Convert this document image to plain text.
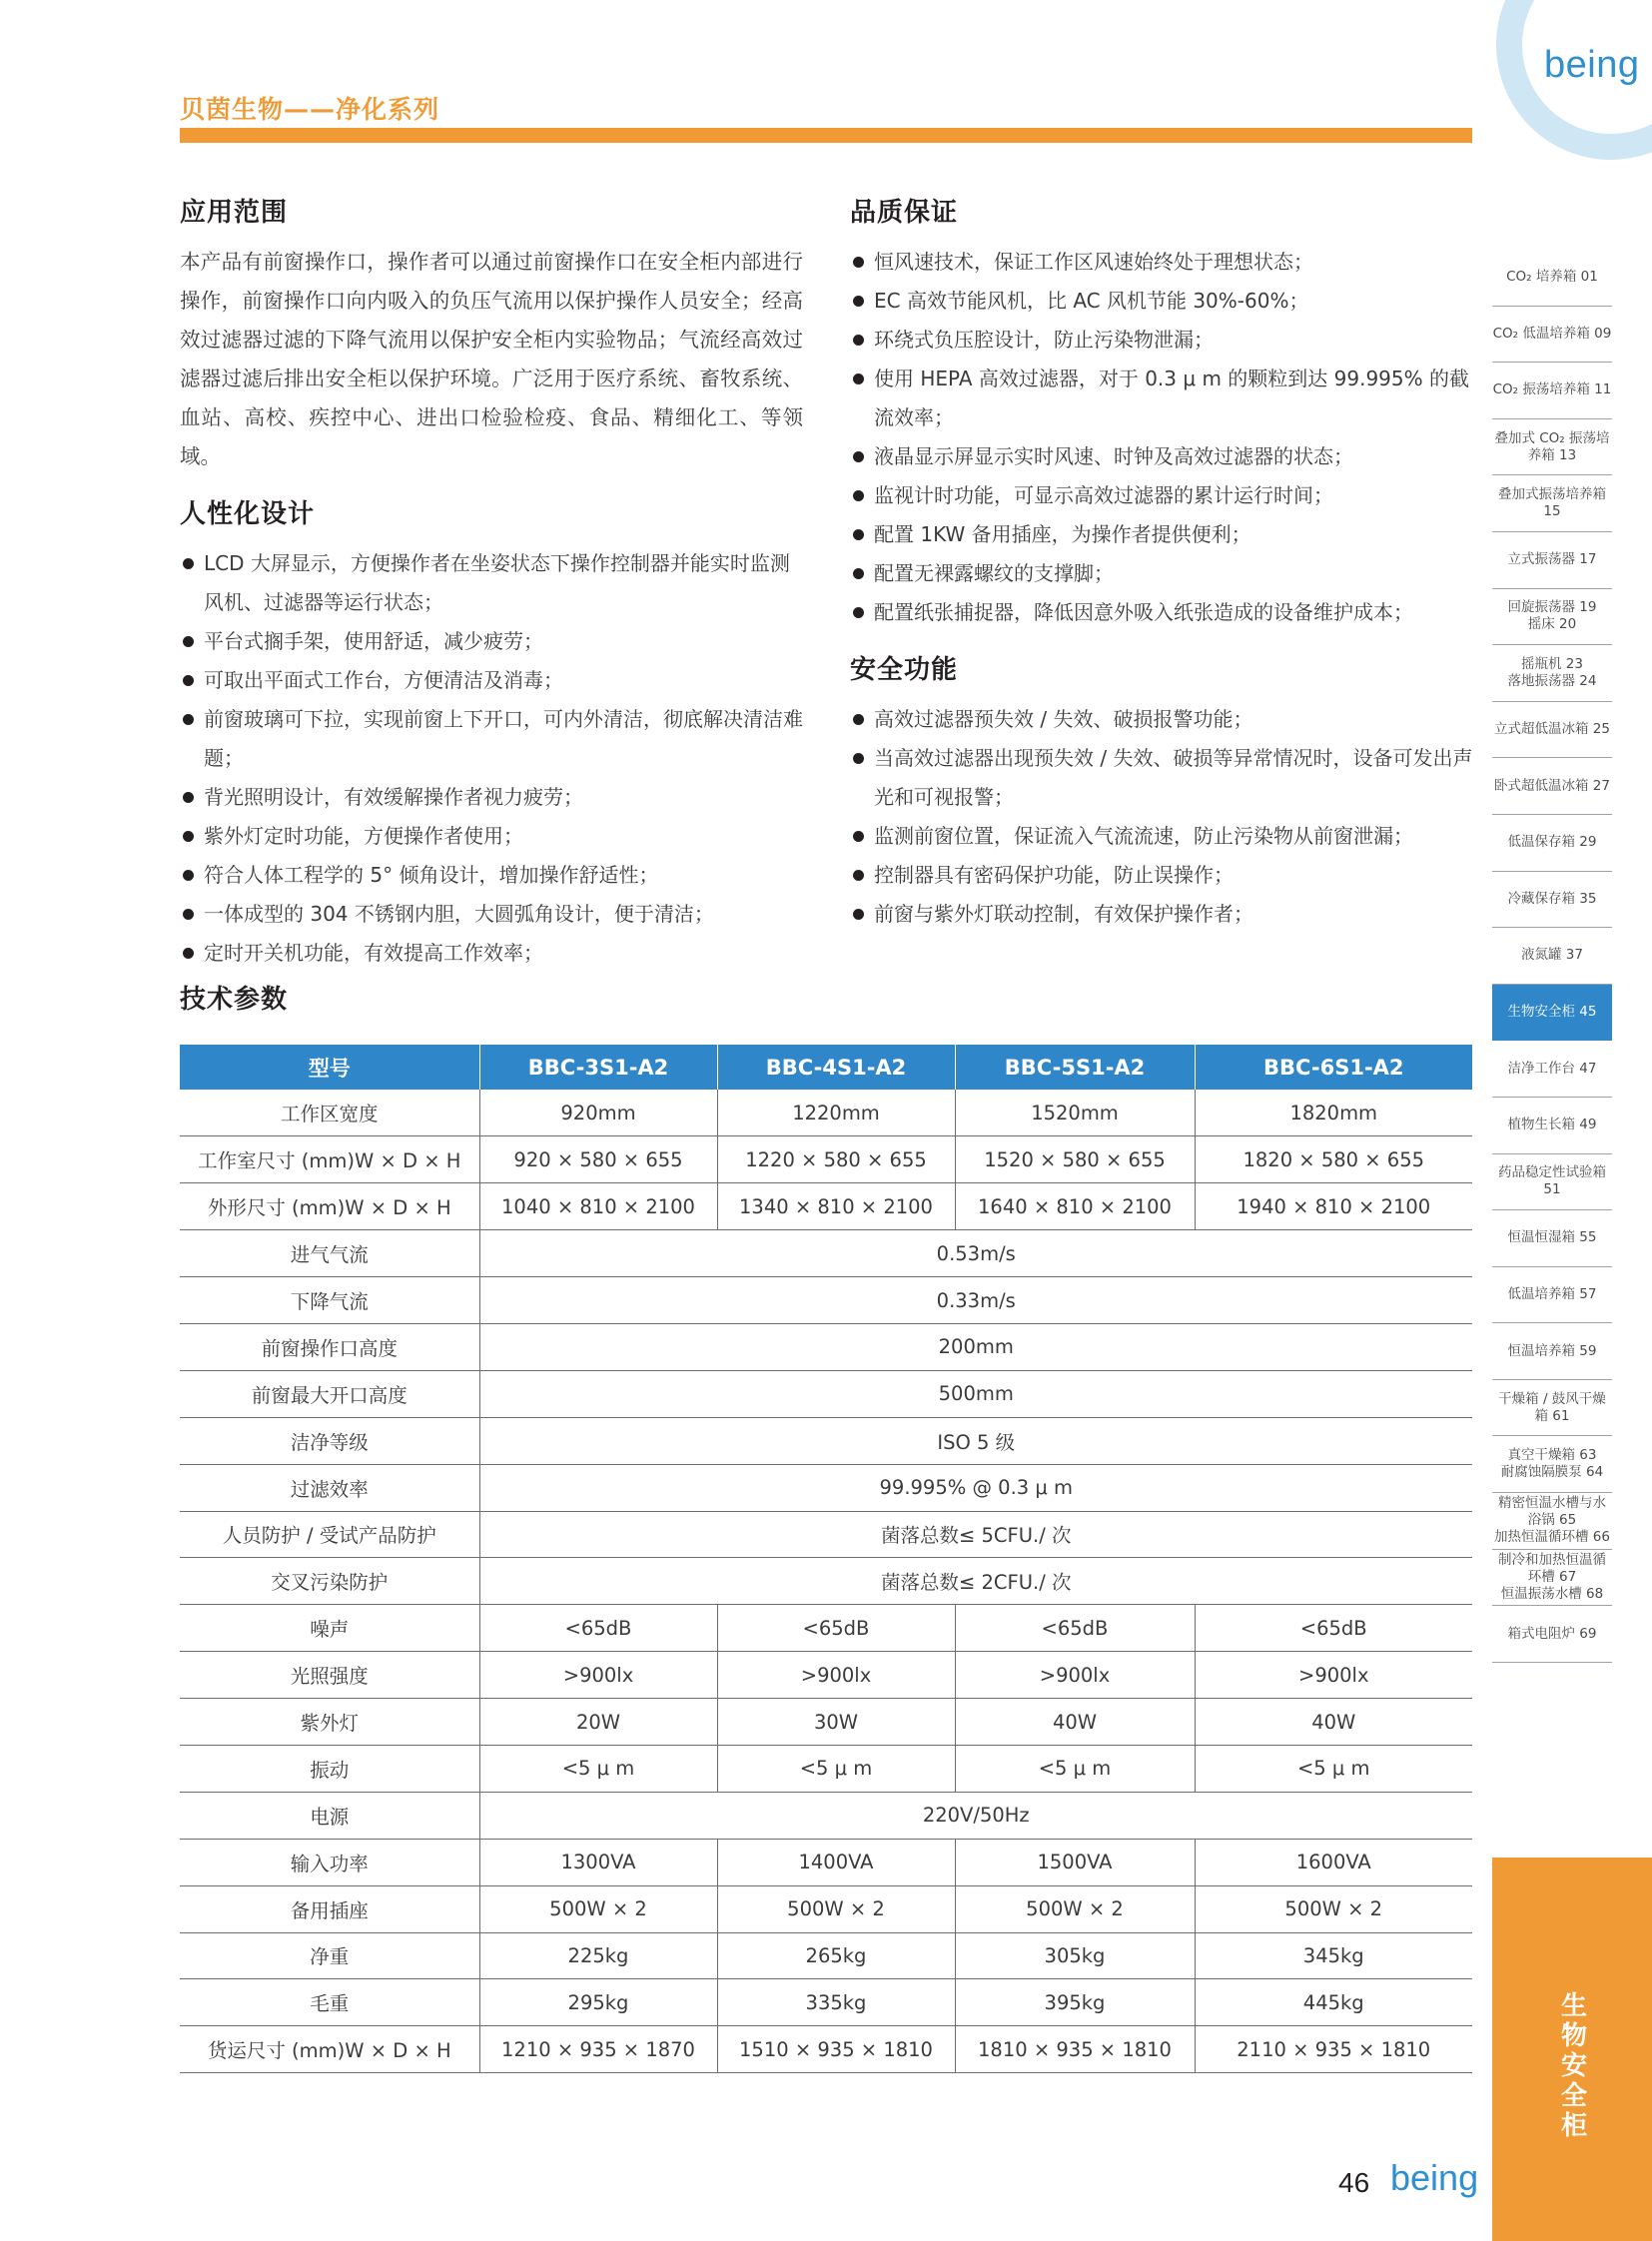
being
贝茵生物——净化系列
应用范围

本产品有前窗操作口，操作者可以通过前窗操作口在安全柜内部进行操作，前窗操作口向内吸入的负压气流用以保护操作人员安全；经高效过滤器过滤的下降气流用以保护安全柜内实验物品；气流经高效过滤器过滤后排出安全柜以保护环境。广泛用于医疗系统、畜牧系统、血站、高校、疾控中心、进出口检验检疫、食品、精细化工、等领域。

人性化设计
LCD 大屏显示，方便操作者在坐姿状态下操作控制器并能实时监测风机、过滤器等运行状态；
平台式搁手架，使用舒适，减少疲劳；
可取出平面式工作台，方便清洁及消毒；
前窗玻璃可下拉，实现前窗上下开口，可内外清洁，彻底解决清洁难题；
背光照明设计，有效缓解操作者视力疲劳；
紫外灯定时功能，方便操作者使用；
符合人体工程学的 5° 倾角设计，增加操作舒适性；
一体成型的 304 不锈钢内胆，大圆弧角设计，便于清洁；
定时开关机功能，有效提高工作效率；
品质保证
恒风速技术，保证工作区风速始终处于理想状态；
EC 高效节能风机，比 AC 风机节能 30%-60%；
环绕式负压腔设计，防止污染物泄漏；
使用 HEPA 高效过滤器，对于 0.3 μ m 的颗粒到达 99.995% 的截流效率；
液晶显示屏显示实时风速、时钟及高效过滤器的状态；
监视计时功能，可显示高效过滤器的累计运行时间；
配置 1KW 备用插座，为操作者提供便利；
配置无裸露螺纹的支撑脚；
配置纸张捕捉器，降低因意外吸入纸张造成的设备维护成本；
安全功能
高效过滤器预失效 / 失效、破损报警功能；
当高效过滤器出现预失效 / 失效、破损等异常情况时，设备可发出声光和可视报警；
监测前窗位置，保证流入气流流速，防止污染物从前窗泄漏；
控制器具有密码保护功能，防止误操作；
前窗与紫外灯联动控制，有效保护操作者；
技术参数
型号	BBC-3S1-A2	BBC-4S1-A2	BBC-5S1-A2	BBC-6S1-A2
工作区宽度	920mm	1220mm	1520mm	1820mm
工作室尺寸 (mm)W × D × H	920 × 580 × 655	1220 × 580 × 655	1520 × 580 × 655	1820 × 580 × 655
外形尺寸 (mm)W × D × H	1040 × 810 × 2100	1340 × 810 × 2100	1640 × 810 × 2100	1940 × 810 × 2100
进气气流	0.53m/s			
下降气流	0.33m/s			
前窗操作口高度	200mm			
前窗最大开口高度	500mm			
洁净等级	ISO 5 级			
过滤效率	99.995% @ 0.3 μ m			
人员防护 / 受试产品防护	菌落总数≤ 5CFU./ 次			
交叉污染防护	菌落总数≤ 2CFU./ 次			
噪声	<65dB	<65dB	<65dB	<65dB
光照强度	>900lx	>900lx	>900lx	>900lx
紫外灯	20W	30W	40W	40W
振动	<5 μ m	<5 μ m	<5 μ m	<5 μ m
电源	220V/50Hz			
输入功率	1300VA	1400VA	1500VA	1600VA
备用插座	500W × 2	500W × 2	500W × 2	500W × 2
净重	225kg	265kg	305kg	345kg
毛重	295kg	335kg	395kg	445kg
货运尺寸 (mm)W × D × H	1210 × 935 × 1870	1510 × 935 × 1810	1810 × 935 × 1810	2110 × 935 × 1810
CO₂ 培养箱 01
CO₂ 低温培养箱 09
CO₂ 振荡培养箱 11
叠加式 CO₂ 振荡培养箱 13
叠加式振荡培养箱 15
立式振荡器 17
回旋振荡器 19
摇床 20
摇瓶机 23
落地振荡器 24
立式超低温冰箱 25
卧式超低温冰箱 27
低温保存箱 29
冷藏保存箱 35
液氮罐 37
生物安全柜 45
洁净工作台 47
植物生长箱 49
药品稳定性试验箱 51
恒温恒湿箱 55
低温培养箱 57
恒温培养箱 59
干燥箱 / 鼓风干燥箱 61
真空干燥箱 63
耐腐蚀隔膜泵 64
精密恒温水槽与水浴锅 65
加热恒温循环槽 66
制冷和加热恒温循环槽 67
恒温振荡水槽 68
箱式电阻炉 69
生物安全柜
46 being
